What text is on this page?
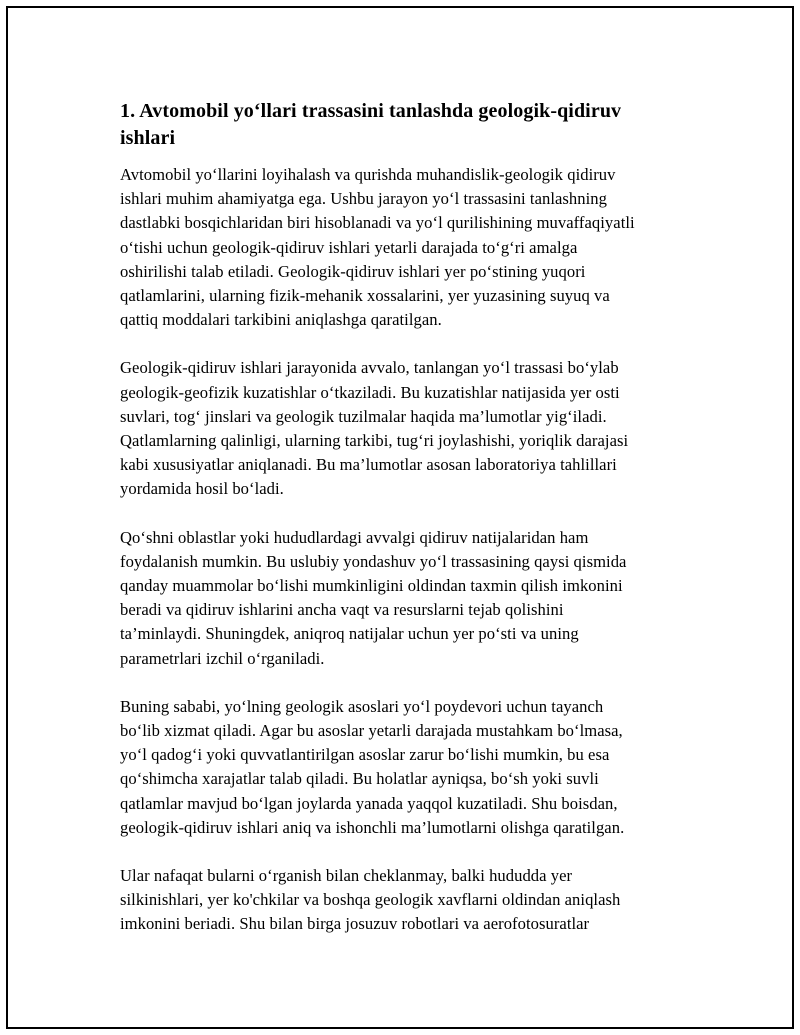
1. Avtomobil yo‘llari trassasini tanlashda geologik-qidiruv
ishlari

Avtomobil yo‘llarini loyihalash va qurishda muhandislik-geologik qidiruv
ishlari muhim ahamiyatga ega. Ushbu jarayon yo‘l trassasini tanlashning
dastlabki bosqichlaridan biri hisoblanadi va yo‘l qurilishining muvaffaqiyatli
o‘tishi uchun geologik-qidiruv ishlari yetarli darajada to‘g‘ri amalga
oshirilishi talab etiladi. Geologik-qidiruv ishlari yer po‘stining yuqori
qatlamlarini, ularning fizik-mehanik xossalarini, yer yuzasining suyuq va
qattiq moddalari tarkibini aniqlashga qaratilgan.

Geologik-qidiruv ishlari jarayonida avvalo, tanlangan yo‘l trassasi bo‘ylab
geologik-geofizik kuzatishlar o‘tkaziladi. Bu kuzatishlar natijasida yer osti
suvlari, tog‘ jinslari va geologik tuzilmalar haqida ma’lumotlar yig‘iladi.
Qatlamlarning qalinligi, ularning tarkibi, tug‘ri joylashishi, yoriqlik darajasi
kabi xususiyatlar aniqlanadi. Bu ma’lumotlar asosan laboratoriya tahlillari
yordamida hosil bo‘ladi.

Qo‘shni oblastlar yoki hududlardagi avvalgi qidiruv natijalaridan ham
foydalanish mumkin. Bu uslubiy yondashuv yo‘l trassasining qaysi qismida
qanday muammolar bo‘lishi mumkinligini oldindan taxmin qilish imkonini
beradi va qidiruv ishlarini ancha vaqt va resurslarni tejab qolishini
ta’minlaydi. Shuningdek, aniqroq natijalar uchun yer po‘sti va uning
parametrlari izchil o‘rganiladi.

Buning sababi, yo‘lning geologik asoslari yo‘l poydevori uchun tayanch
bo‘lib xizmat qiladi. Agar bu asoslar yetarli darajada mustahkam bo‘lmasa,
yo‘l qadog‘i yoki quvvatlantirilgan asoslar zarur bo‘lishi mumkin, bu esa
qo‘shimcha xarajatlar talab qiladi. Bu holatlar ayniqsa, bo‘sh yoki suvli
qatlamlar mavjud bo‘lgan joylarda yanada yaqqol kuzatiladi. Shu boisdan,
geologik-qidiruv ishlari aniq va ishonchli ma’lumotlarni olishga qaratilgan.

Ular nafaqat bularni o‘rganish bilan cheklanmay, balki hududda yer
silkinishlari, yer ko'chkilar va boshqa geologik xavflarni oldindan aniqlash
imkonini beriadi. Shu bilan birga josuzuv robotlari va aerofotosuratlar
